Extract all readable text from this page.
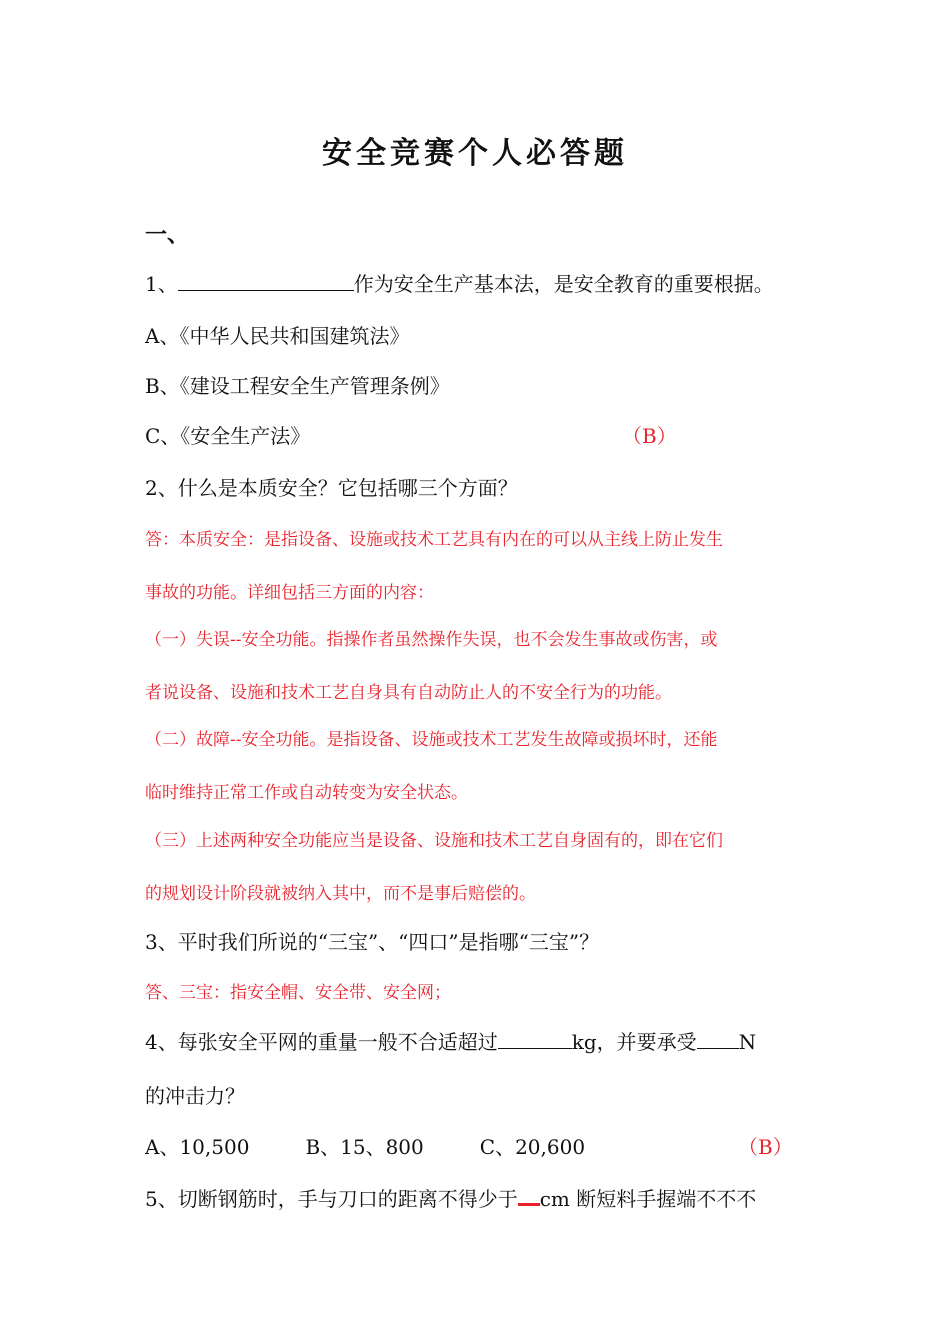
安全竞赛个人必答题
一、
1、	作为安全生产基本法，是安全教育的重要根据。
A、《中华人民共和国建筑法》
B、《建设工程安全生产管理条例》
C、《安全生产法》	（B）
2、什么是本质安全？它包括哪三个方面？
答：本质安全：是指设备、设施或技术工艺具有内在的可以从主线上防止发生
事故的功能。详细包括三方面的内容：
（一）失误--安全功能。指操作者虽然操作失误，也不会发生事故或伤害，或
者说设备、设施和技术工艺自身具有自动防止人的不安全行为的功能。
（二）故障--安全功能。是指设备、设施或技术工艺发生故障或损坏时，还能
临时维持正常工作或自动转变为安全状态。
（三）上述两种安全功能应当是设备、设施和技术工艺自身固有的，即在它们
的规划设计阶段就被纳入其中，而不是事后赔偿的。
3、平时我们所说的“三宝”、“四口”是指哪“三宝”？
答、三宝：指安全帽、安全带、安全网；
4、每张安全平网的重量一般不合适超过	kg，并要承受 N
的冲击力？
A、10,500	B、15、800	C、20,600	（B）
5、切断钢筋时，手与刀口的距离不得少于 cm 断短料手握端不不不
